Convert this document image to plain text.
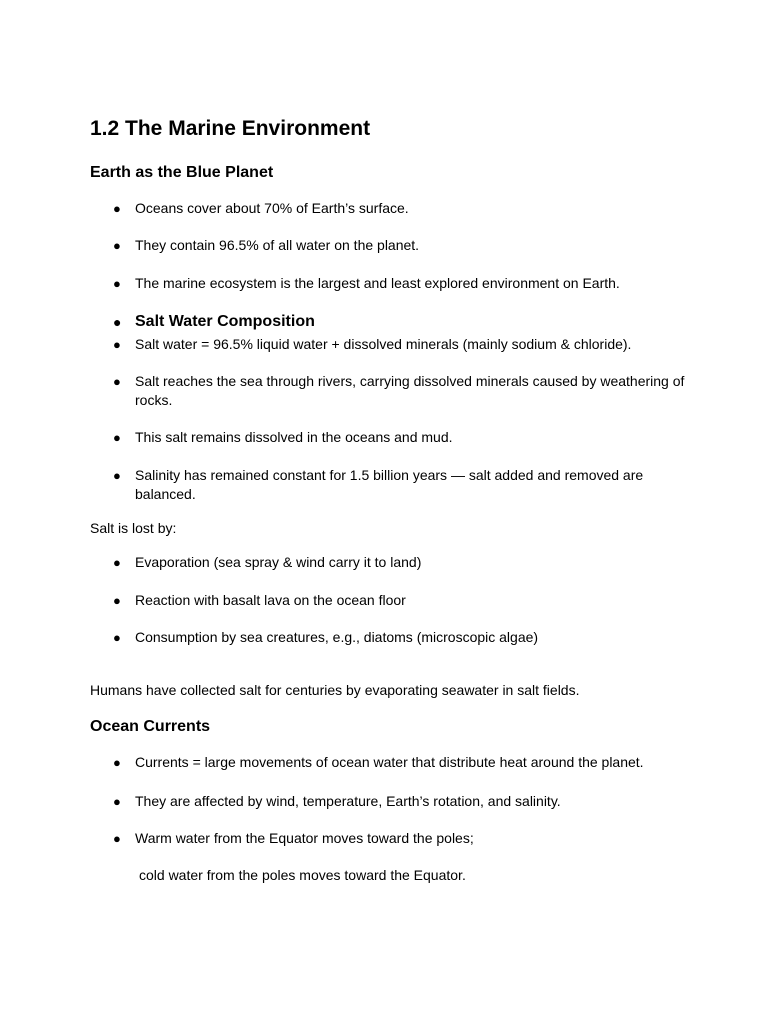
1.2 The Marine Environment
Earth as the Blue Planet
● Oceans cover about 70% of Earth’s surface.
● They contain 96.5% of all water on the planet.
● The marine ecosystem is the largest and least explored environment on Earth.
● Salt Water Composition
● Salt water = 96.5% liquid water + dissolved minerals (mainly sodium & chloride).
● Salt reaches the sea through rivers, carrying dissolved minerals caused by weathering of rocks.
● This salt remains dissolved in the oceans and mud.
● Salinity has remained constant for 1.5 billion years — salt added and removed are balanced.
Salt is lost by:
● Evaporation (sea spray & wind carry it to land)
● Reaction with basalt lava on the ocean floor
● Consumption by sea creatures, e.g., diatoms (microscopic algae)
Humans have collected salt for centuries by evaporating seawater in salt fields.
Ocean Currents
● Currents = large movements of ocean water that distribute heat around the planet.
● They are affected by wind, temperature, Earth’s rotation, and salinity.
● Warm water from the Equator moves toward the poles;
cold water from the poles moves toward the Equator.
